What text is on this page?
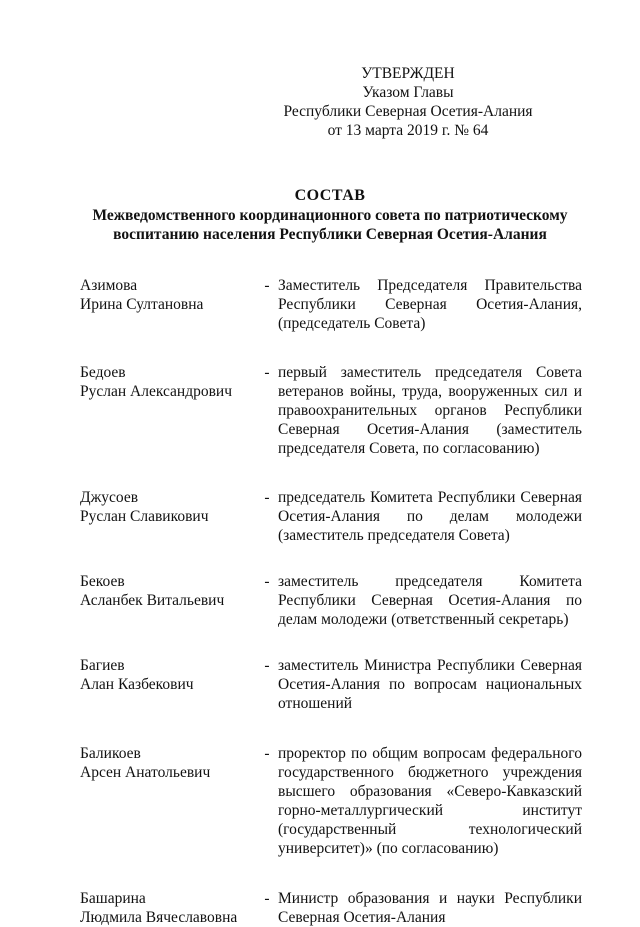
УТВЕРЖДЕН
Указом Главы
Республики Северная Осетия-Алания
от 13 марта 2019 г. № 64
СОСТАВ
Межведомственного координационного совета по патриотическому
воспитанию населения Республики Северная Осетия-Алания
Азимова
Ирина Султановна
- Заместитель Председателя Правительства Республики Северная Осетия-Алания, (председатель Совета)
Бедоев
Руслан Александрович
- первый заместитель председателя Совета ветеранов войны, труда, вооруженных сил и правоохранительных органов Республики Северная Осетия-Алания (заместитель председателя Совета, по согласованию)
Джусоев
Руслан Славикович
- председатель Комитета Республики Северная Осетия-Алания по делам молодежи (заместитель председателя Совета)
Бекоев
Асланбек Витальевич
- заместитель председателя Комитета Республики Северная Осетия-Алания по делам молодежи (ответственный секретарь)
Багиев
Алан Казбекович
- заместитель Министра Республики Северная Осетия-Алания по вопросам национальных отношений
Баликоев
Арсен Анатольевич
- проректор по общим вопросам федерального государственного бюджетного учреждения высшего образования «Северо-Кавказский горно-металлургический институт (государственный технологический университет)» (по согласованию)
Башарина
Людмила Вячеславовна
- Министр образования и науки Республики Северная Осетия-Алания
